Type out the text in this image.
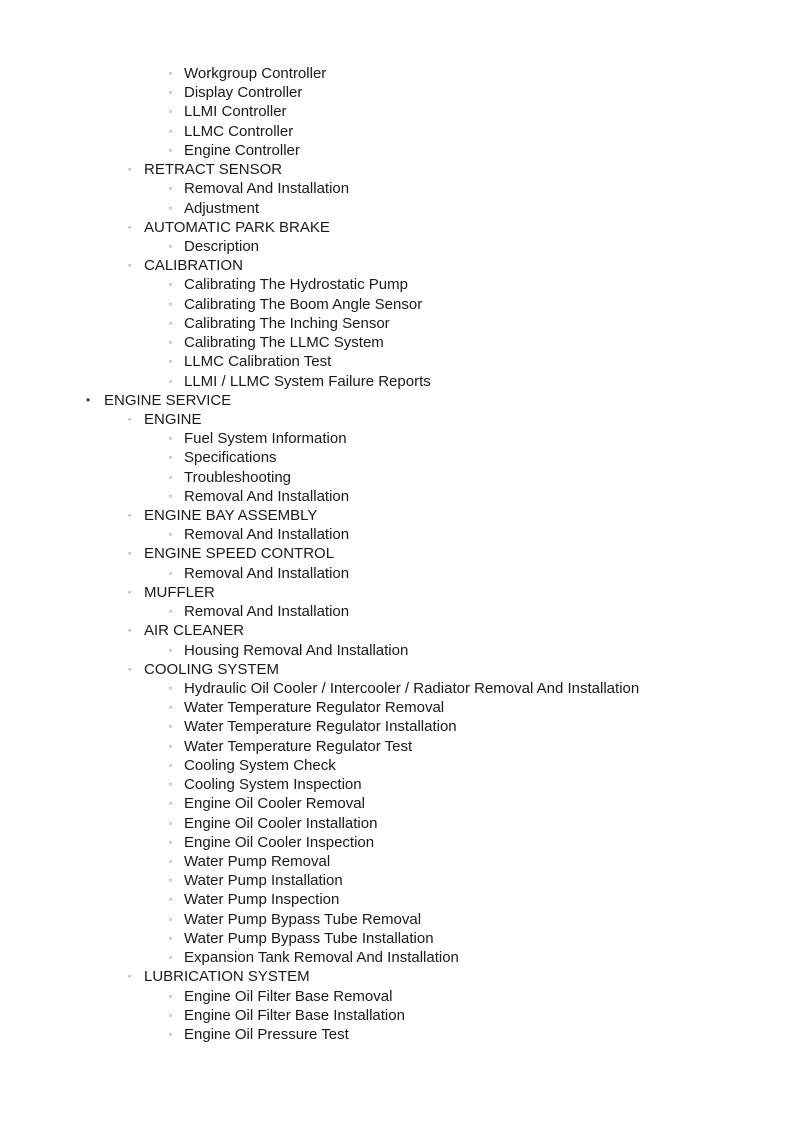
▫ Workgroup Controller
▫ Display Controller
▫ LLMI Controller
▫ LLMC Controller
▫ Engine Controller
◦ RETRACT SENSOR
▫ Removal And Installation
▫ Adjustment
◦ AUTOMATIC PARK BRAKE
▫ Description
◦ CALIBRATION
▫ Calibrating The Hydrostatic Pump
▫ Calibrating The Boom Angle Sensor
▫ Calibrating The Inching Sensor
▫ Calibrating The LLMC System
▫ LLMC Calibration Test
▫ LLMI / LLMC System Failure Reports
• ENGINE SERVICE
◦ ENGINE
▫ Fuel System Information
▫ Specifications
▫ Troubleshooting
▫ Removal And Installation
◦ ENGINE BAY ASSEMBLY
▫ Removal And Installation
◦ ENGINE SPEED CONTROL
▫ Removal And Installation
◦ MUFFLER
▫ Removal And Installation
◦ AIR CLEANER
▫ Housing Removal And Installation
◦ COOLING SYSTEM
▫ Hydraulic Oil Cooler / Intercooler / Radiator Removal And Installation
▫ Water Temperature Regulator Removal
▫ Water Temperature Regulator Installation
▫ Water Temperature Regulator Test
▫ Cooling System Check
▫ Cooling System Inspection
▫ Engine Oil Cooler Removal
▫ Engine Oil Cooler Installation
▫ Engine Oil Cooler Inspection
▫ Water Pump Removal
▫ Water Pump Installation
▫ Water Pump Inspection
▫ Water Pump Bypass Tube Removal
▫ Water Pump Bypass Tube Installation
▫ Expansion Tank Removal And Installation
◦ LUBRICATION SYSTEM
▫ Engine Oil Filter Base Removal
▫ Engine Oil Filter Base Installation
▫ Engine Oil Pressure Test
